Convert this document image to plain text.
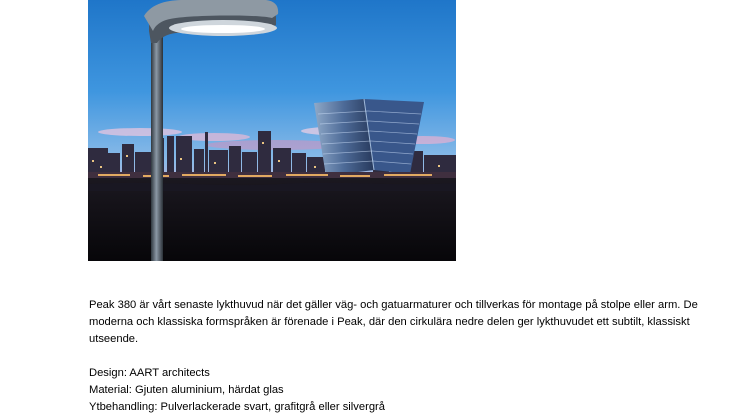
Peak 380 är vårt senaste lykthuvud när det gäller väg- och gatuarmaturer och tillverkas för montage på stolpe eller arm. De moderna och klassiska formspråken är förenade i Peak, där den cirkulära nedre delen ger lykthuvudet ett subtilt, klassiskt utseende.

Design: AART architects

Material: Gjuten aluminium, härdat glas

Ytbehandling: Pulverlackerade svart, grafitgrå eller silvergrå
